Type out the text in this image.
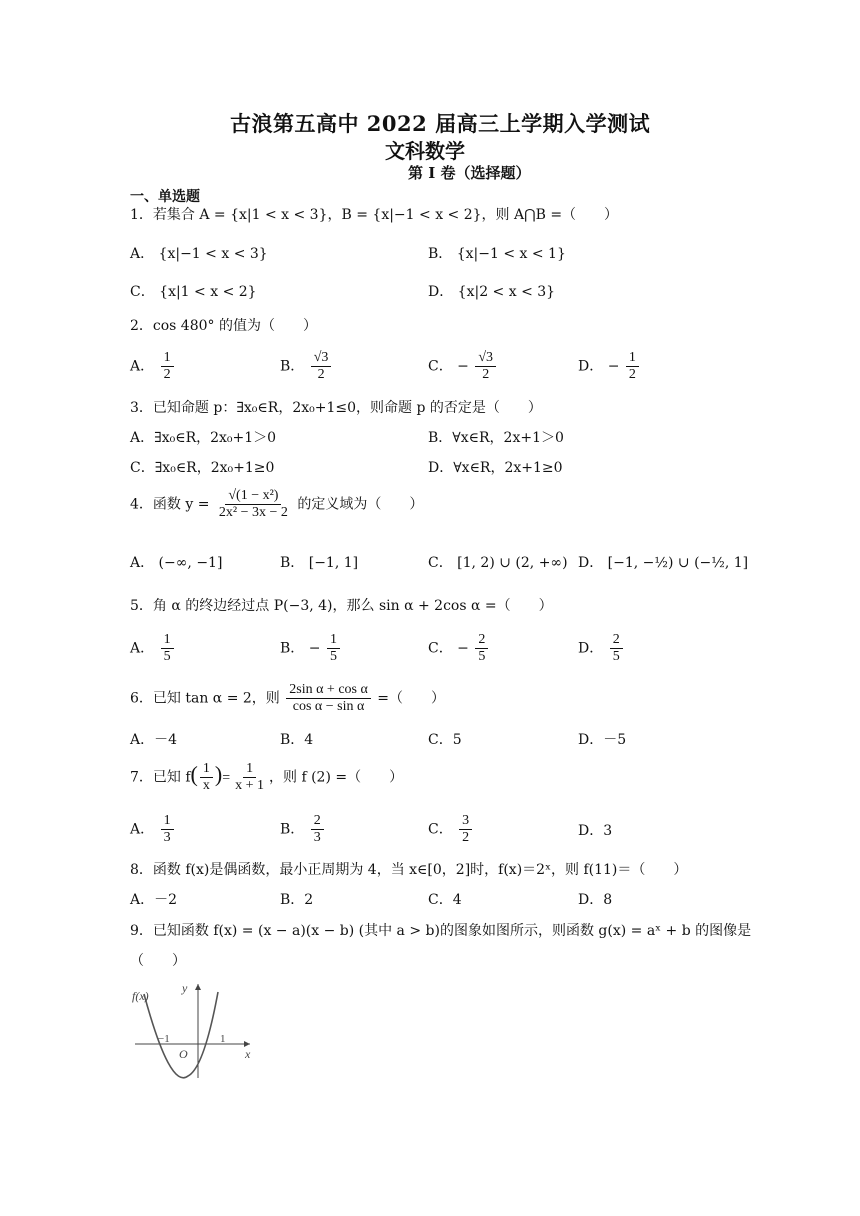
古浪第五高中 2022 届高三上学期入学测试
文科数学
第 I 卷（选择题）
一、单选题
1．若集合 A = {x|1 < x < 3}，B = {x|−1 < x < 2}，则 A⋂B =（　　）
A． {x|−1 < x < 3}	B． {x|−1 < x < 1}
C． {x|1 < x < 2}	D． {x|2 < x < 3}
2．cos 480° 的值为（　　）
A． $\frac{1}{2}$	B． $\frac{√3}{2}$	C． − $\frac{√3}{2}$	D． − $\frac{1}{2}$
3．已知命题 p：∃x₀∈R，2x₀+1≤0，则命题 p 的否定是（　　）
A．∃x₀∈R，2x₀+1＞0	B．∀x∈R，2x+1＞0
C．∃x₀∈R，2x₀+1≥0	D．∀x∈R，2x+1≥0
4．函数 $y = \frac{\text{√(1 − x²)}}{\text{2x² − 3x − 2}}$ 的定义域为（　　）
A． (−∞, −1]	B． [−1, 1]	C． [1, 2) ∪ (2, +∞) D． [−1, −½) ∪ (−½, 1]
5．角 α 的终边经过点 P(−3, 4)，那么 sin α + 2cos α =（　　）
A． $\frac{1}{5}$	B． − $\frac{1}{5}$	C． − $\frac{2}{5}$	D． $\frac{2}{5}$
6．已知 tan α = 2，则 $\frac{\text{2sin α + cos α}}{\text{cos α − sin α}}$ =（　　）
A．－4	B．4	C．5	D．－5
7．已知 $f( \frac{1}{x}$ )= $\frac{1}{x + 1}$ ，则 f (2) =（　　）
A． $\frac{1}{3}$	B． $\frac{2}{3}$	C． $\frac{3}{2}$	D．3
8．函数 f(x)是偶函数，最小正周期为 4，当 x∈[0，2]时，f(x)＝2ˣ，则 f(11)＝（　　）
A．－2	B．2	C．4	D．8
9．已知函数 f(x) = (x − a)(x − b) (其中 a > b)的图象如图所示，则函数 g(x) = aˣ + b 的图像是
（　　）
f(x)
y
x
O
−1	1
